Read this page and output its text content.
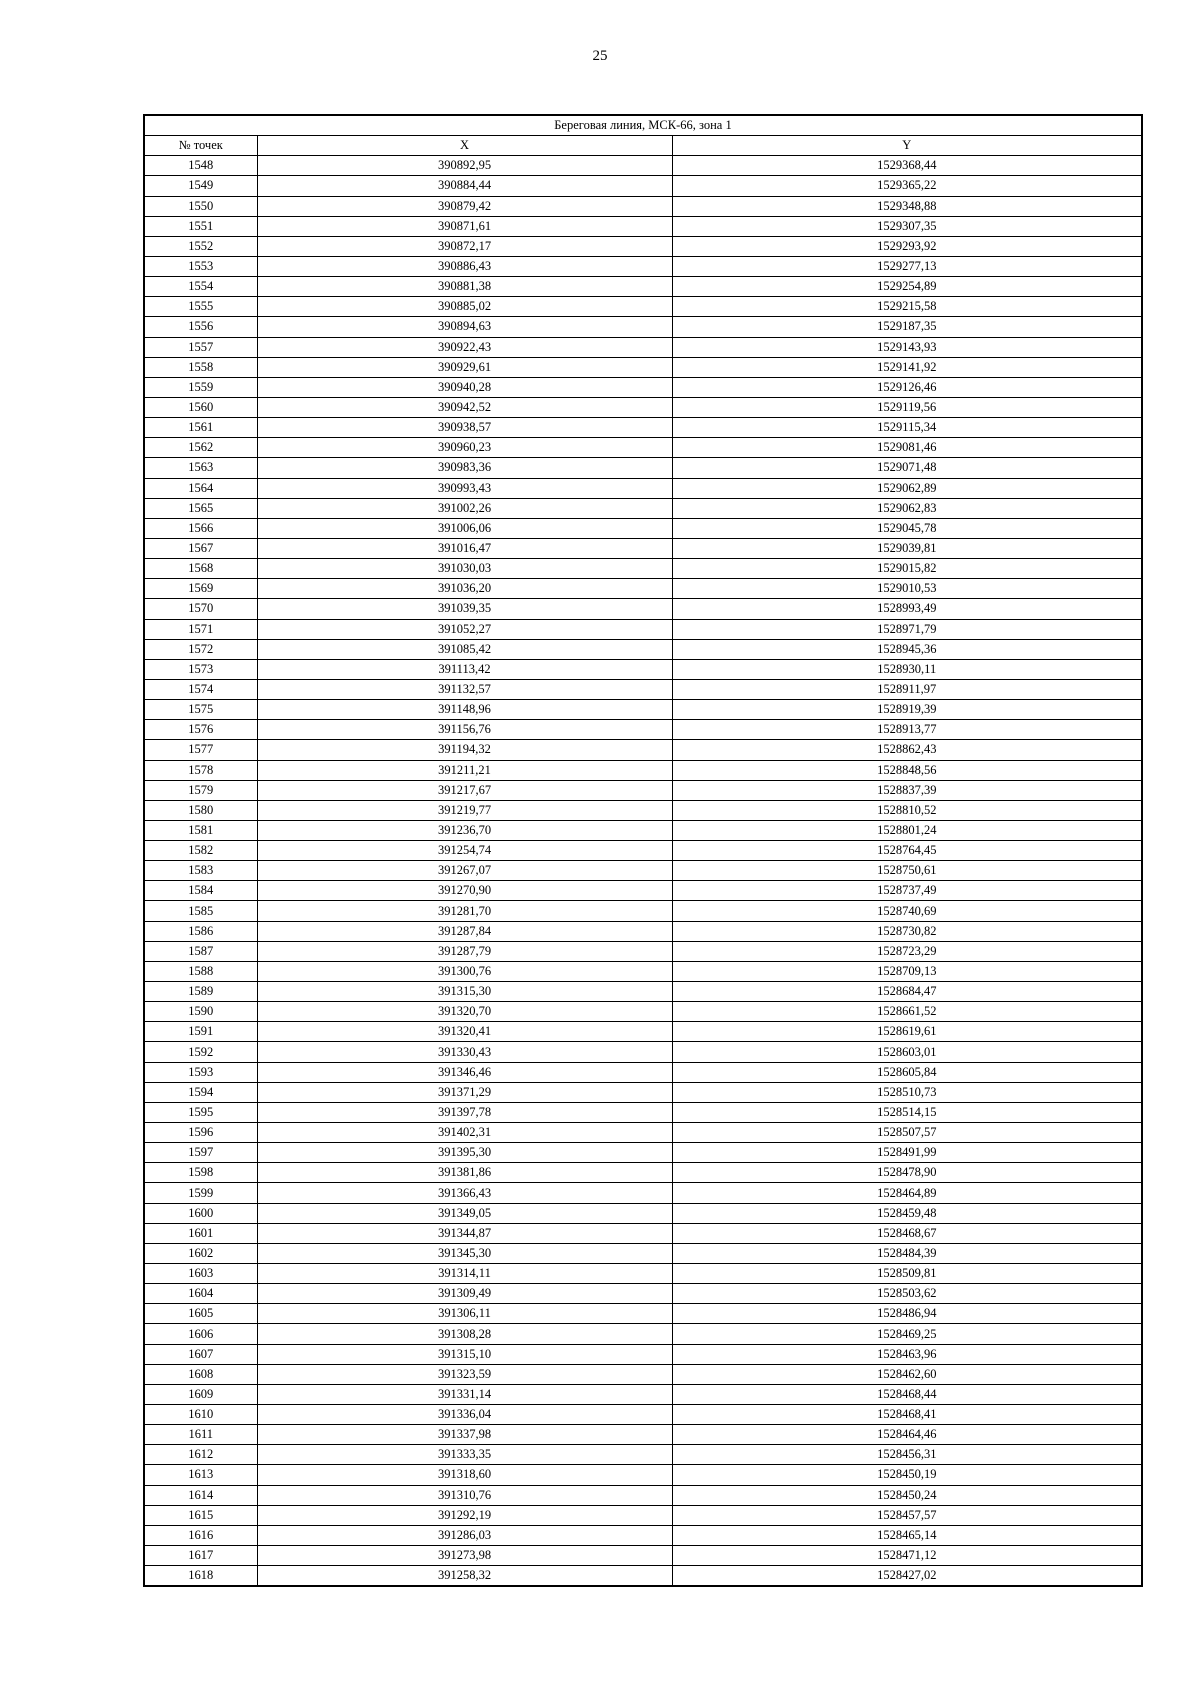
25
Береговая линия, МСК-66, зона 1		
№ точек	X	Y
1548	390892,95	1529368,44
1549	390884,44	1529365,22
1550	390879,42	1529348,88
1551	390871,61	1529307,35
1552	390872,17	1529293,92
1553	390886,43	1529277,13
1554	390881,38	1529254,89
1555	390885,02	1529215,58
1556	390894,63	1529187,35
1557	390922,43	1529143,93
1558	390929,61	1529141,92
1559	390940,28	1529126,46
1560	390942,52	1529119,56
1561	390938,57	1529115,34
1562	390960,23	1529081,46
1563	390983,36	1529071,48
1564	390993,43	1529062,89
1565	391002,26	1529062,83
1566	391006,06	1529045,78
1567	391016,47	1529039,81
1568	391030,03	1529015,82
1569	391036,20	1529010,53
1570	391039,35	1528993,49
1571	391052,27	1528971,79
1572	391085,42	1528945,36
1573	391113,42	1528930,11
1574	391132,57	1528911,97
1575	391148,96	1528919,39
1576	391156,76	1528913,77
1577	391194,32	1528862,43
1578	391211,21	1528848,56
1579	391217,67	1528837,39
1580	391219,77	1528810,52
1581	391236,70	1528801,24
1582	391254,74	1528764,45
1583	391267,07	1528750,61
1584	391270,90	1528737,49
1585	391281,70	1528740,69
1586	391287,84	1528730,82
1587	391287,79	1528723,29
1588	391300,76	1528709,13
1589	391315,30	1528684,47
1590	391320,70	1528661,52
1591	391320,41	1528619,61
1592	391330,43	1528603,01
1593	391346,46	1528605,84
1594	391371,29	1528510,73
1595	391397,78	1528514,15
1596	391402,31	1528507,57
1597	391395,30	1528491,99
1598	391381,86	1528478,90
1599	391366,43	1528464,89
1600	391349,05	1528459,48
1601	391344,87	1528468,67
1602	391345,30	1528484,39
1603	391314,11	1528509,81
1604	391309,49	1528503,62
1605	391306,11	1528486,94
1606	391308,28	1528469,25
1607	391315,10	1528463,96
1608	391323,59	1528462,60
1609	391331,14	1528468,44
1610	391336,04	1528468,41
1611	391337,98	1528464,46
1612	391333,35	1528456,31
1613	391318,60	1528450,19
1614	391310,76	1528450,24
1615	391292,19	1528457,57
1616	391286,03	1528465,14
1617	391273,98	1528471,12
1618	391258,32	1528427,02
